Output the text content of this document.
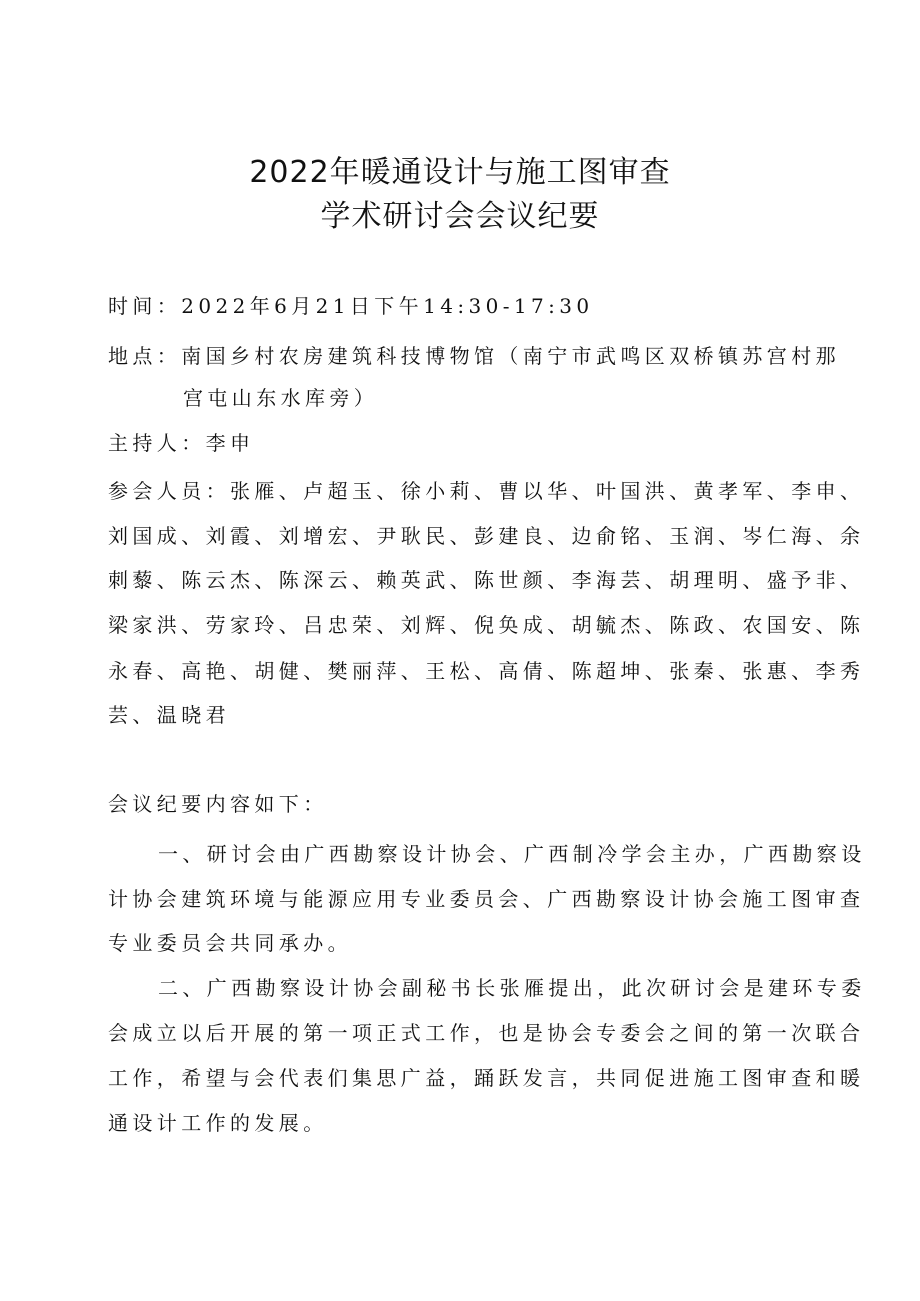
2022年暖通设计与施工图审查
学术研讨会会议纪要
时间：2022年6月21日下午14:30-17:30
地点：南国乡村农房建筑科技博物馆（南宁市武鸣区双桥镇苏宫村那
宫屯山东水库旁）
主持人：李申
参会人员：张雁、卢超玉、徐小莉、曹以华、叶国洪、黄孝军、李申、
刘国成、刘霞、刘增宏、尹耿民、彭建良、边俞铭、玉润、岑仁海、余
刺藜、陈云杰、陈深云、赖英武、陈世颜、李海芸、胡理明、盛予非、
梁家洪、劳家玲、吕忠荣、刘辉、倪奂成、胡毓杰、陈政、农国安、陈
永春、高艳、胡健、樊丽萍、王松、高倩、陈超坤、张秦、张惠、李秀
芸、温晓君
会议纪要内容如下：
一、研讨会由广西勘察设计协会、广西制冷学会主办，广西勘察设
计协会建筑环境与能源应用专业委员会、广西勘察设计协会施工图审查
专业委员会共同承办。
二、广西勘察设计协会副秘书长张雁提出，此次研讨会是建环专委
会成立以后开展的第一项正式工作，也是协会专委会之间的第一次联合
工作，希望与会代表们集思广益，踊跃发言，共同促进施工图审查和暖
通设计工作的发展。
